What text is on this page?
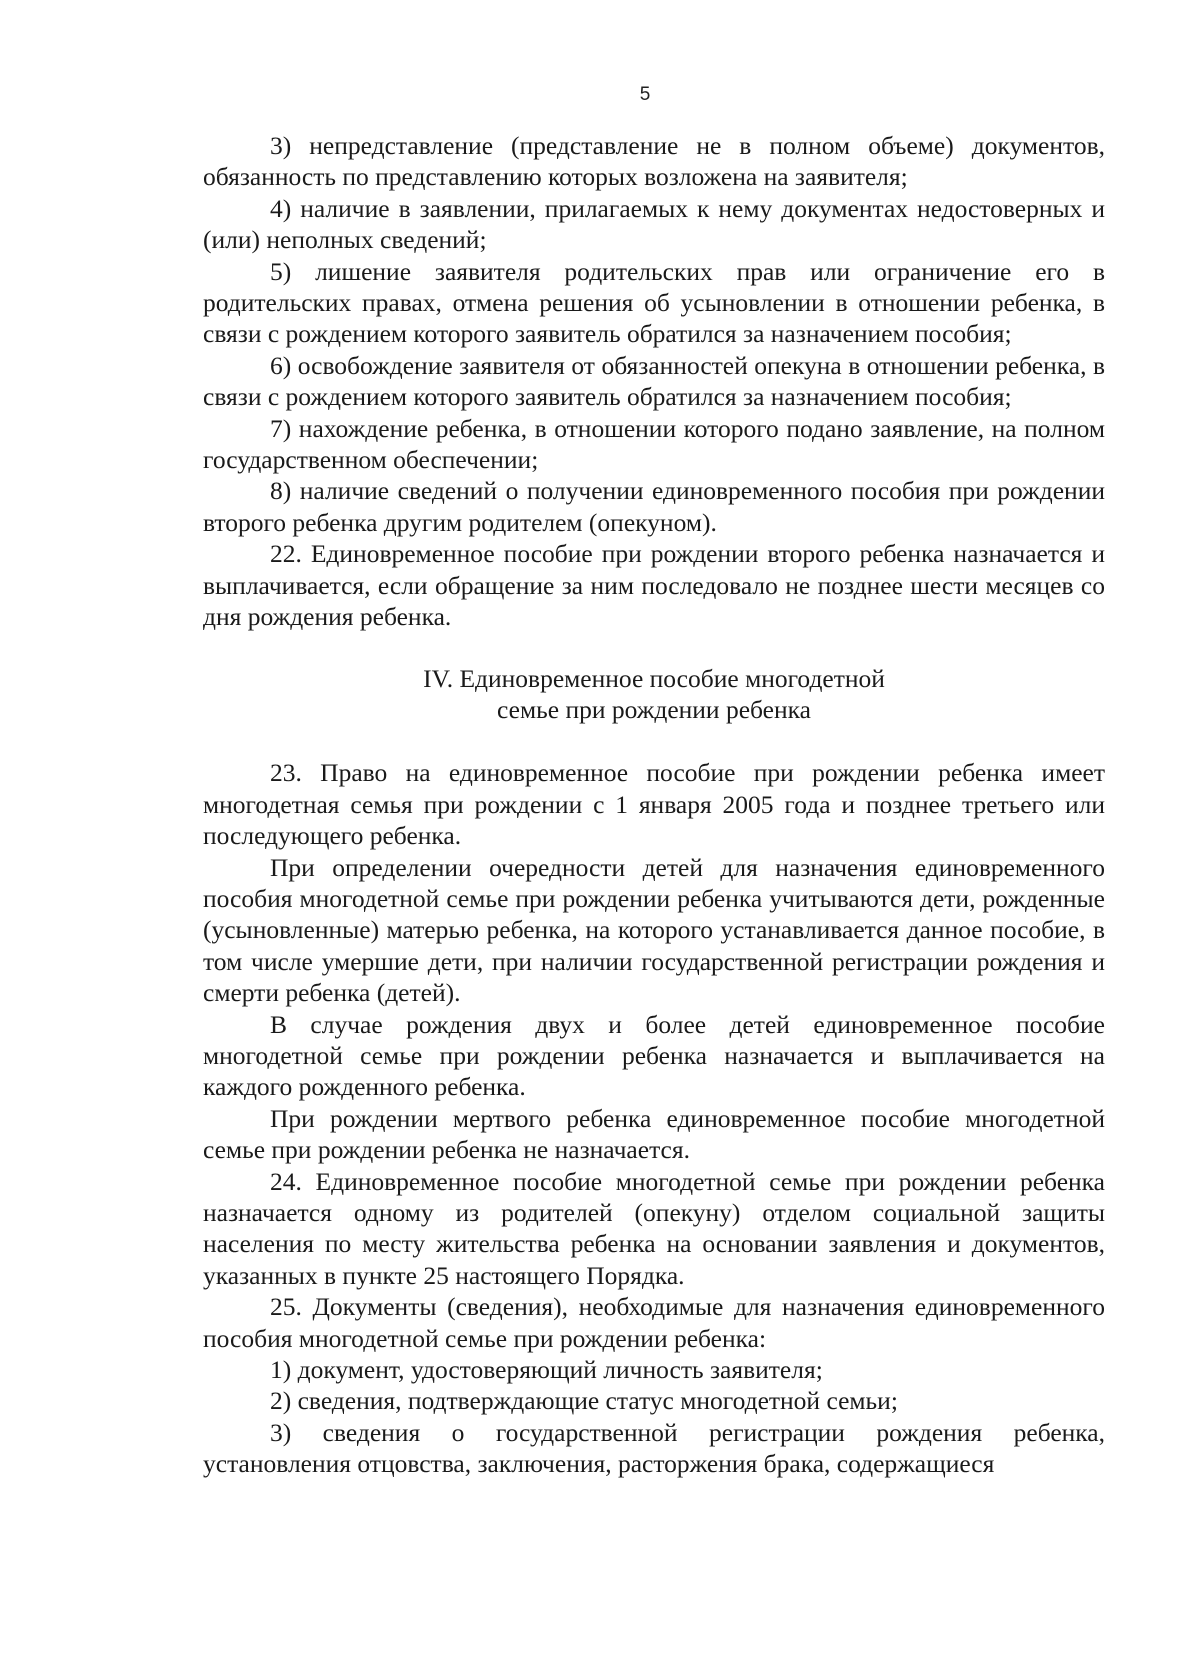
5

3) непредставление (представление не в полном объеме) документов, обязанность по представлению которых возложена на заявителя;

4) наличие в заявлении, прилагаемых к нему документах недостоверных и (или) неполных сведений;

5) лишение заявителя родительских прав или ограничение его в родительских правах, отмена решения об усыновлении в отношении ребенка, в связи с рождением которого заявитель обратился за назначением пособия;

6) освобождение заявителя от обязанностей опекуна в отношении ребенка, в связи с рождением которого заявитель обратился за назначением пособия;

7) нахождение ребенка, в отношении которого подано заявление, на полном государственном обеспечении;

8) наличие сведений о получении единовременного пособия при рождении второго ребенка другим родителем (опекуном).

22. Единовременное пособие при рождении второго ребенка назначается и выплачивается, если обращение за ним последовало не позднее шести месяцев со дня рождения ребенка.

IV. Единовременное пособие многодетной

семье при рождении ребенка

23. Право на единовременное пособие при рождении ребенка имеет многодетная семья при рождении с 1 января 2005 года и позднее третьего или последующего ребенка.

При определении очередности детей для назначения единовременного пособия многодетной семье при рождении ребенка учитываются дети, рожденные (усыновленные) матерью ребенка, на которого устанавливается данное пособие, в том числе умершие дети, при наличии государственной регистрации рождения и смерти ребенка (детей).

В случае рождения двух и более детей единовременное пособие многодетной семье при рождении ребенка назначается и выплачивается на каждого рожденного ребенка.

При рождении мертвого ребенка единовременное пособие многодетной семье при рождении ребенка не назначается.

24. Единовременное пособие многодетной семье при рождении ребенка назначается одному из родителей (опекуну) отделом социальной защиты населения по месту жительства ребенка на основании заявления и документов, указанных в пункте 25 настоящего Порядка.

25. Документы (сведения), необходимые для назначения единовременного пособия многодетной семье при рождении ребенка:

1) документ, удостоверяющий личность заявителя;

2) сведения, подтверждающие статус многодетной семьи;

3) сведения о государственной регистрации рождения ребенка, установления отцовства, заключения, расторжения брака, содержащиеся
